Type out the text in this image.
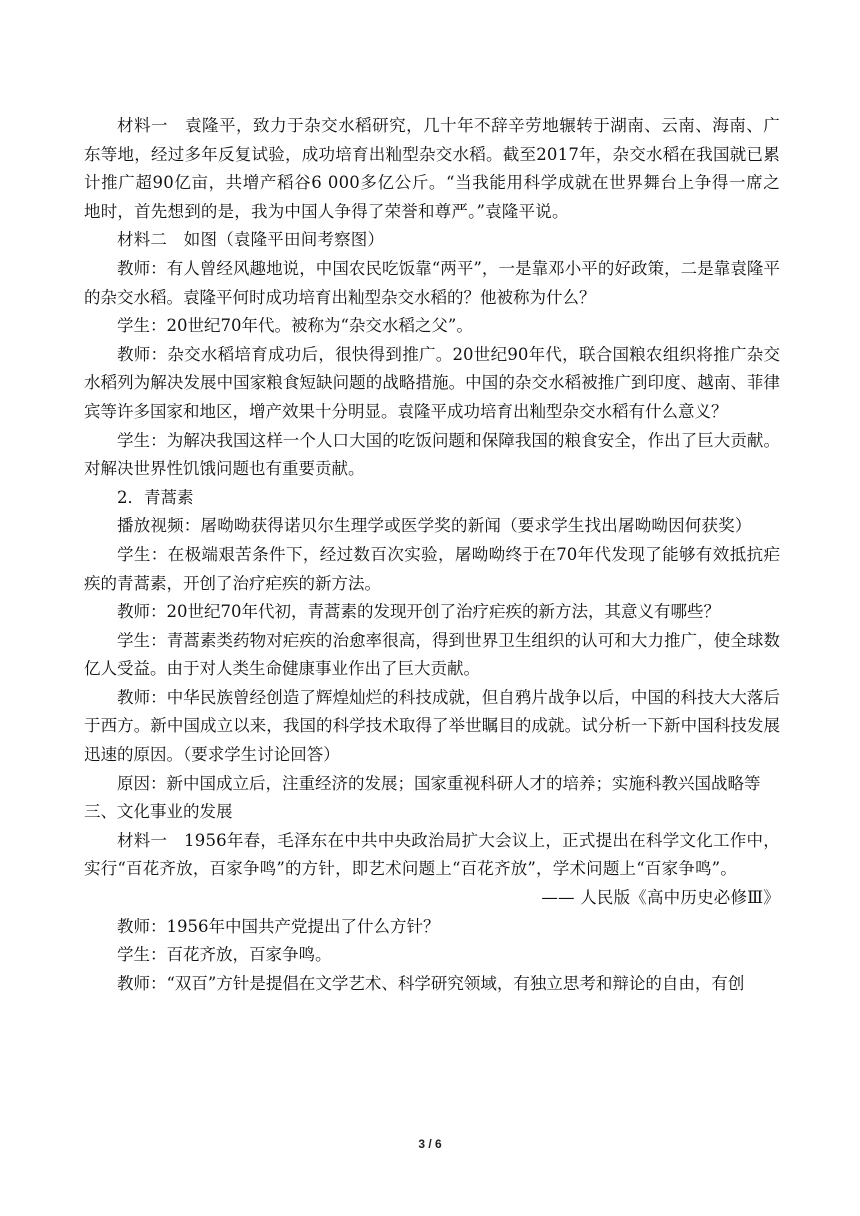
材料一　袁隆平，致力于杂交水稻研究，几十年不辞辛劳地辗转于湖南、云南、海南、广东等地，经过多年反复试验，成功培育出籼型杂交水稻。截至2017年，杂交水稻在我国就已累计推广超90亿亩，共增产稻谷6 000多亿公斤。“当我能用科学成就在世界舞台上争得一席之地时，首先想到的是，我为中国人争得了荣誉和尊严。”袁隆平说。

材料二　如图（袁隆平田间考察图）

教师：有人曾经风趣地说，中国农民吃饭靠“两平”，一是靠邓小平的好政策，二是靠袁隆平的杂交水稻。袁隆平何时成功培育出籼型杂交水稻的？他被称为什么？

学生：20世纪70年代。被称为“杂交水稻之父”。

教师：杂交水稻培育成功后，很快得到推广。20世纪90年代，联合国粮农组织将推广杂交水稻列为解决发展中国家粮食短缺问题的战略措施。中国的杂交水稻被推广到印度、越南、菲律宾等许多国家和地区，增产效果十分明显。袁隆平成功培育出籼型杂交水稻有什么意义？

学生：为解决我国这样一个人口大国的吃饭问题和保障我国的粮食安全，作出了巨大贡献。对解决世界性饥饿问题也有重要贡献。

2．青蒿素

播放视频：屠呦呦获得诺贝尔生理学或医学奖的新闻（要求学生找出屠呦呦因何获奖）

学生：在极端艰苦条件下，经过数百次实验，屠呦呦终于在70年代发现了能够有效抵抗疟疾的青蒿素，开创了治疗疟疾的新方法。

教师：20世纪70年代初，青蒿素的发现开创了治疗疟疾的新方法，其意义有哪些？

学生：青蒿素类药物对疟疾的治愈率很高，得到世界卫生组织的认可和大力推广，使全球数亿人受益。由于对人类生命健康事业作出了巨大贡献。

教师：中华民族曾经创造了辉煌灿烂的科技成就，但自鸦片战争以后，中国的科技大大落后于西方。新中国成立以来，我国的科学技术取得了举世瞩目的成就。试分析一下新中国科技发展迅速的原因。（要求学生讨论回答）

原因：新中国成立后，注重经济的发展；国家重视科研人才的培养；实施科教兴国战略等

三、文化事业的发展

材料一　1956年春，毛泽东在中共中央政治局扩大会议上，正式提出在科学文化工作中，实行“百花齐放，百家争鸣”的方针，即艺术问题上“百花齐放”，学术问题上“百家争鸣”。

—— 人民版《高中历史必修Ⅲ》

教师：1956年中国共产党提出了什么方针？

学生：百花齐放，百家争鸣。

教师：“双百”方针是提倡在文学艺术、科学研究领域，有独立思考和辩论的自由，有创

3 / 6
